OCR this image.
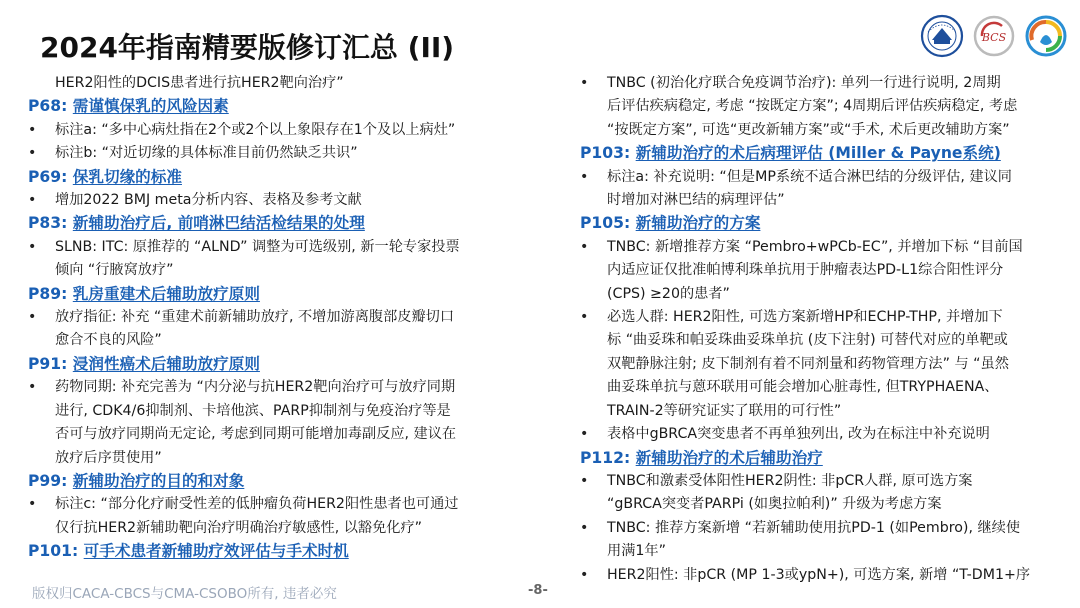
2024年指南精要版修订汇总 (II)	BCS
HER2阳性的DCIS患者进行抗HER2靶向治疗”
P68: 需谨慎保乳的风险因素
• 标注a: “多中心病灶指在2个或2个以上象限存在1个及以上病灶”
• 标注b: “对近切缘的具体标准目前仍然缺乏共识”
P69: 保乳切缘的标准
• 增加2022 BMJ meta分析内容、表格及参考文献
P83: 新辅助治疗后, 前哨淋巴结活检结果的处理
• SLNB: ITC: 原推荐的 “ALND” 调整为可选级别, 新一轮专家投票
倾向 “行腋窝放疗”
P89: 乳房重建术后辅助放疗原则
• 放疗指征: 补充 “重建术前新辅助放疗, 不增加游离腹部皮瓣切口
愈合不良的风险”
P91: 浸润性癌术后辅助放疗原则
• 药物同期: 补充完善为 “内分泌与抗HER2靶向治疗可与放疗同期
进行, CDK4/6抑制剂、卡培他滨、PARP抑制剂与免疫治疗等是
否可与放疗同期尚无定论, 考虑到同期可能增加毒副反应, 建议在
放疗后序贯使用”
P99: 新辅助治疗的目的和对象
• 标注c: “部分化疗耐受性差的低肿瘤负荷HER2阳性患者也可通过
仅行抗HER2新辅助靶向治疗明确治疗敏感性, 以豁免化疗”
P101: 可手术患者新辅助疗效评估与手术时机
• TNBC (初治化疗联合免疫调节治疗): 单列一行进行说明, 2周期
后评估疾病稳定, 考虑 “按既定方案”; 4周期后评估疾病稳定, 考虑
“按既定方案”, 可选“更改新辅方案”或“手术, 术后更改辅助方案”
P103: 新辅助治疗的术后病理评估 (Miller & Payne系统)
• 标注a: 补充说明: “但是MP系统不适合淋巴结的分级评估, 建议同
时增加对淋巴结的病理评估”
P105: 新辅助治疗的方案
• TNBC: 新增推荐方案 “Pembro+wPCb-EC”, 并增加下标 “目前国
内适应证仅批准帕博利珠单抗用于肿瘤表达PD-L1综合阳性评分
(CPS) ≥20的患者”
• 必选人群: HER2阳性, 可选方案新增HP和ECHP-THP, 并增加下
标 “曲妥珠和帕妥珠曲妥珠单抗 (皮下注射) 可替代对应的单靶或
双靶静脉注射; 皮下制剂有着不同剂量和药物管理方法” 与 “虽然
曲妥珠单抗与蒽环联用可能会增加心脏毒性, 但TRYPHAENA、
TRAIN-2等研究证实了联用的可行性”
• 表格中gBRCA突变患者不再单独列出, 改为在标注中补充说明
P112: 新辅助治疗的术后辅助治疗
• TNBC和激素受体阳性HER2阴性: 非pCR人群, 原可选方案
“gBRCA突变者PARPi (如奥拉帕利)” 升级为考虑方案
• TNBC: 推荐方案新增 “若新辅助使用抗PD-1 (如Pembro), 继续使
用满1年”
• HER2阳性: 非pCR (MP 1-3或ypN+), 可选方案, 新增 “T-DM1+序
版权归CACA-CBCS与CMA-CSOBO所有, 违者必究	-8-
